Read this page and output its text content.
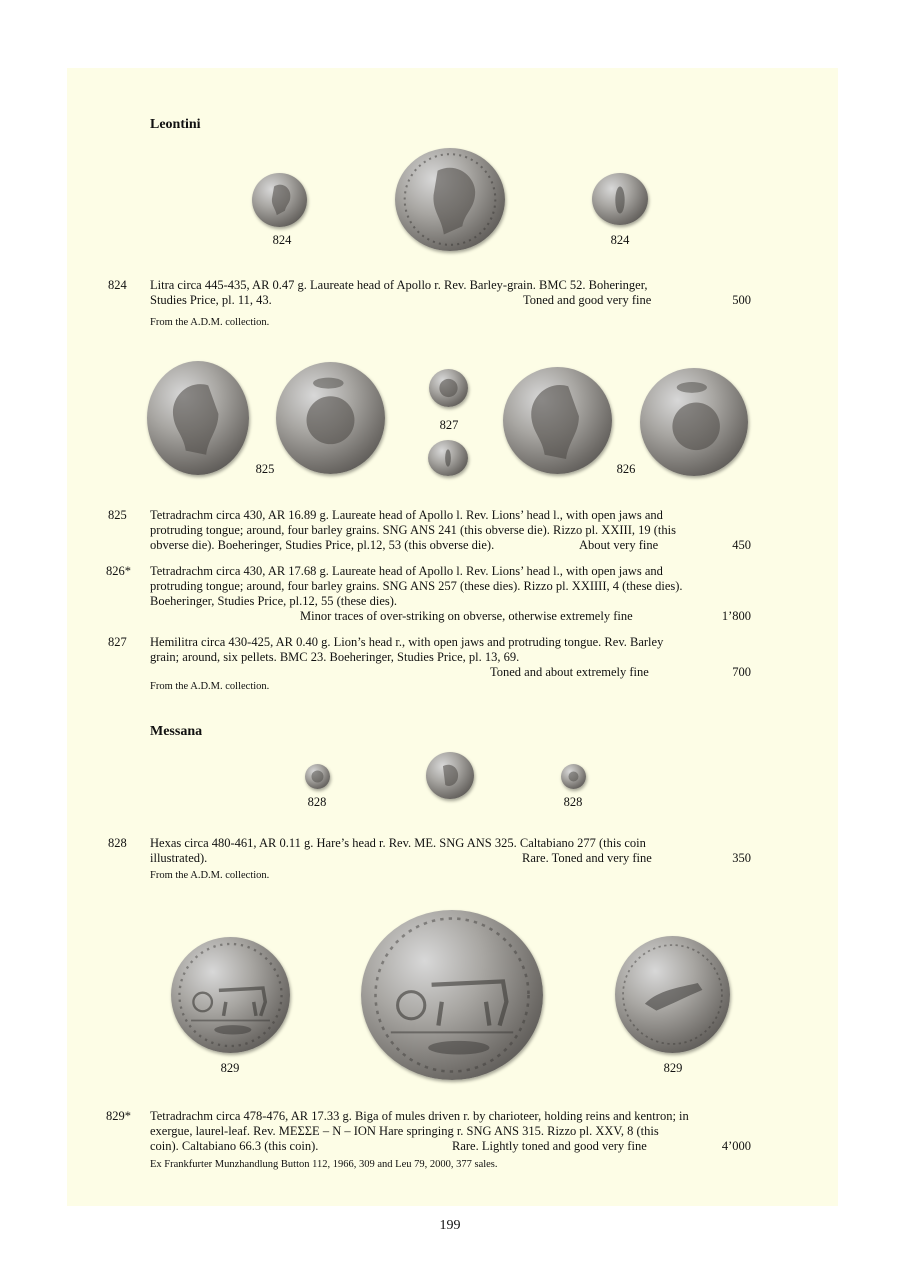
Leontini
824	824
824 Litra circa 445-435, AR 0.47 g. Laureate head of Apollo r. Rev. Barley-grain. BMC 52. Boheringer,
Studies Price, pl. 11, 43.	Toned and good very fine	500
From the A.D.M. collection.
827
825	826
825 Tetradrachm circa 430, AR 16.89 g. Laureate head of Apollo l. Rev. Lions’ head l., with open jaws and
protruding tongue; around, four barley grains. SNG ANS 241 (this obverse die). Rizzo pl. XXIII, 19 (this
obverse die). Boeheringer, Studies Price, pl.12, 53 (this obverse die).	About very fine	450
826* Tetradrachm circa 430, AR 17.68 g. Laureate head of Apollo l. Rev. Lions’ head l., with open jaws and
protruding tongue; around, four barley grains. SNG ANS 257 (these dies). Rizzo pl. XXIIII, 4 (these dies).
Boeheringer, Studies Price, pl.12, 55 (these dies).
Minor traces of over-striking on obverse, otherwise extremely fine	1’800
827 Hemilitra circa 430-425, AR 0.40 g. Lion’s head r., with open jaws and protruding tongue. Rev. Barley
grain; around, six pellets. BMC 23. Boeheringer, Studies Price, pl. 13, 69.
Toned and about extremely fine	700
From the A.D.M. collection.
Messana
828	828
828 Hexas circa 480-461, AR 0.11 g. Hare’s head r. Rev. ME. SNG ANS 325. Caltabiano 277 (this coin
illustrated).	Rare. Toned and very fine	350
From the A.D.M. collection.
829	829
829* Tetradrachm circa 478-476, AR 17.33 g. Biga of mules driven r. by charioteer, holding reins and kentron; in
exergue, laurel-leaf. Rev. ΜΕΣΣΕ – Ν – ΙΟΝ Hare springing r. SNG ANS 315. Rizzo pl. XXV, 8 (this
coin). Caltabiano 66.3 (this coin).	Rare. Lightly toned and good very fine	4’000
Ex Frankfurter Munzhandlung Button 112, 1966, 309 and Leu 79, 2000, 377 sales.
199
